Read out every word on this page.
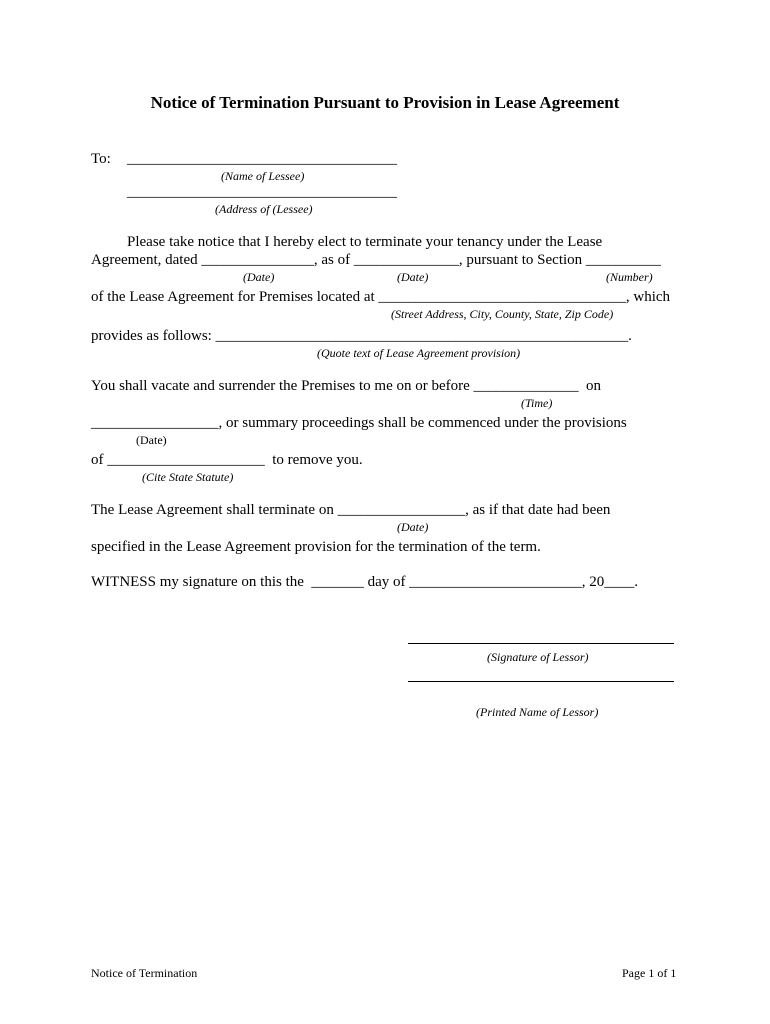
Notice of Termination Pursuant to Provision in Lease Agreement
To: ____________________________________
(Name of Lessee)
____________________________________
(Address of (Lessee)
Please take notice that I hereby elect to terminate your tenancy under the Lease
Agreement, dated _______________, as of ______________, pursuant to Section __________
(Date)	(Date)	(Number)
of the Lease Agreement for Premises located at _________________________________, which
(Street Address, City, County, State, Zip Code)
provides as follows: _______________________________________________________.
(Quote text of Lease Agreement provision)
You shall vacate and surrender the Premises to me on or before ______________  on
(Time)
_________________, or summary proceedings shall be commenced under the provisions
(Date)
of _____________________  to remove you.
(Cite State Statute)
The Lease Agreement shall terminate on _________________, as if that date had been
(Date)
specified in the Lease Agreement provision for the termination of the term.
WITNESS my signature on this the  _______ day of _______________________, 20____.
(Signature of Lessor)
(Printed Name of Lessor)
Notice of Termination	Page 1 of 1
